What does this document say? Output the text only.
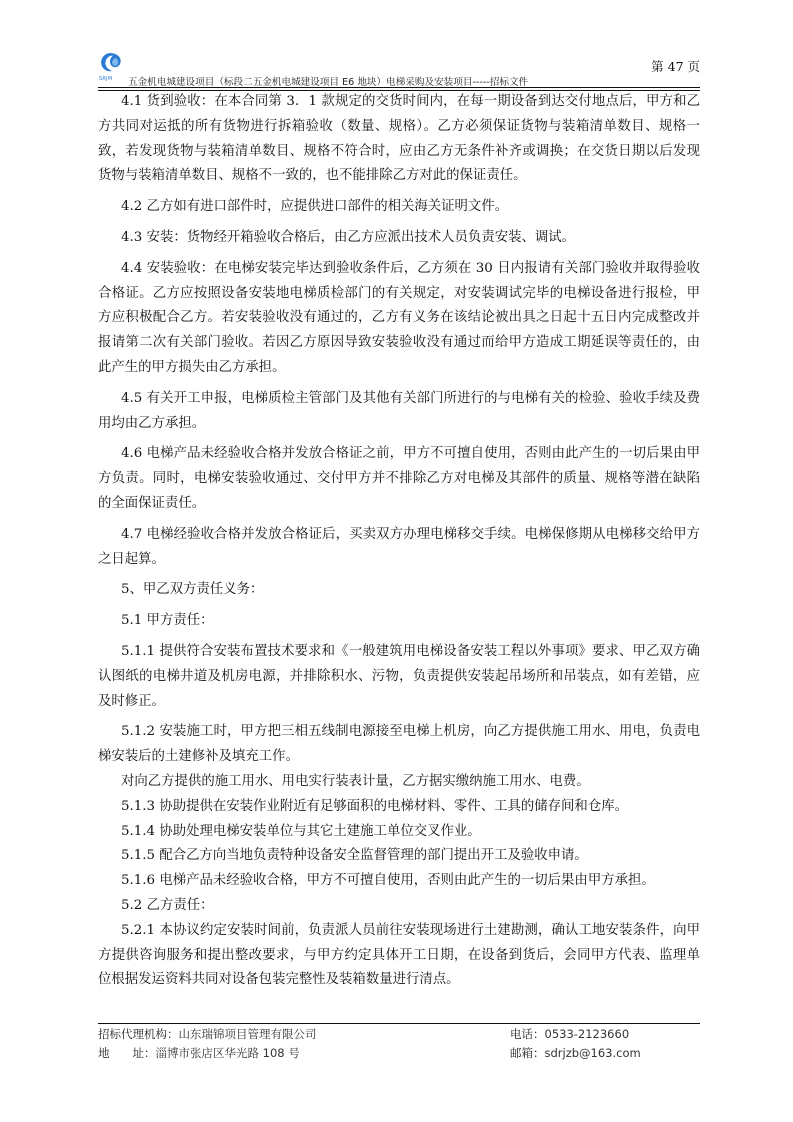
SRJM 五金机电城建设项目（标段二五金机电城建设项目 E6 地块）电梯采购及安装项目-----招标文件
第 47 页

4.1 货到验收：在本合同第 3．1 款规定的交货时间内，在每一期设备到达交付地点后，甲方和乙方共同对运抵的所有货物进行拆箱验收（数量、规格）。乙方必须保证货物与装箱清单数目、规格一致，若发现货物与装箱清单数目、规格不符合时，应由乙方无条件补齐或调换；在交货日期以后发现货物与装箱清单数目、规格不一致的，也不能排除乙方对此的保证责任。

4.2 乙方如有进口部件时，应提供进口部件的相关海关证明文件。

4.3 安装：货物经开箱验收合格后，由乙方应派出技术人员负责安装、调试。

4.4 安装验收：在电梯安装完毕达到验收条件后，乙方须在 30 日内报请有关部门验收并取得验收合格证。乙方应按照设备安装地电梯质检部门的有关规定，对安装调试完毕的电梯设备进行报检，甲方应积极配合乙方。若安装验收没有通过的，乙方有义务在该结论被出具之日起十五日内完成整改并报请第二次有关部门验收。若因乙方原因导致安装验收没有通过而给甲方造成工期延误等责任的，由此产生的甲方损失由乙方承担。

4.5 有关开工申报，电梯质检主管部门及其他有关部门所进行的与电梯有关的检验、验收手续及费用均由乙方承担。

4.6 电梯产品未经验收合格并发放合格证之前，甲方不可擅自使用，否则由此产生的一切后果由甲方负责。同时，电梯安装验收通过、交付甲方并不排除乙方对电梯及其部件的质量、规格等潜在缺陷的全面保证责任。

4.7 电梯经验收合格并发放合格证后，买卖双方办理电梯移交手续。电梯保修期从电梯移交给甲方之日起算。

5、甲乙双方责任义务：

5.1 甲方责任：

5.1.1 提供符合安装布置技术要求和《一般建筑用电梯设备安装工程以外事项》要求、甲乙双方确认图纸的电梯井道及机房电源，并排除积水、污物，负责提供安装起吊场所和吊装点，如有差错，应及时修正。

5.1.2 安装施工时，甲方把三相五线制电源接至电梯上机房，向乙方提供施工用水、用电，负责电梯安装后的土建修补及填充工作。

对向乙方提供的施工用水、用电实行装表计量，乙方据实缴纳施工用水、电费。

5.1.3 协助提供在安装作业附近有足够面积的电梯材料、零件、工具的储存间和仓库。

5.1.4 协助处理电梯安装单位与其它土建施工单位交叉作业。

5.1.5 配合乙方向当地负责特种设备安全监督管理的部门提出开工及验收申请。

5.1.6 电梯产品未经验收合格，甲方不可擅自使用，否则由此产生的一切后果由甲方承担。

5.2 乙方责任：

5.2.1 本协议约定安装时间前，负责派人员前往安装现场进行土建勘测，确认工地安装条件，向甲方提供咨询服务和提出整改要求，与甲方约定具体开工日期，在设备到货后，会同甲方代表、监理单位根据发运资料共同对设备包装完整性及装箱数量进行清点。

招标代理机构：山东瑞锦项目管理有限公司	电话：0533-2123660
地　　址：淄博市张店区华光路 108 号	邮箱：sdrjzb@163.com
